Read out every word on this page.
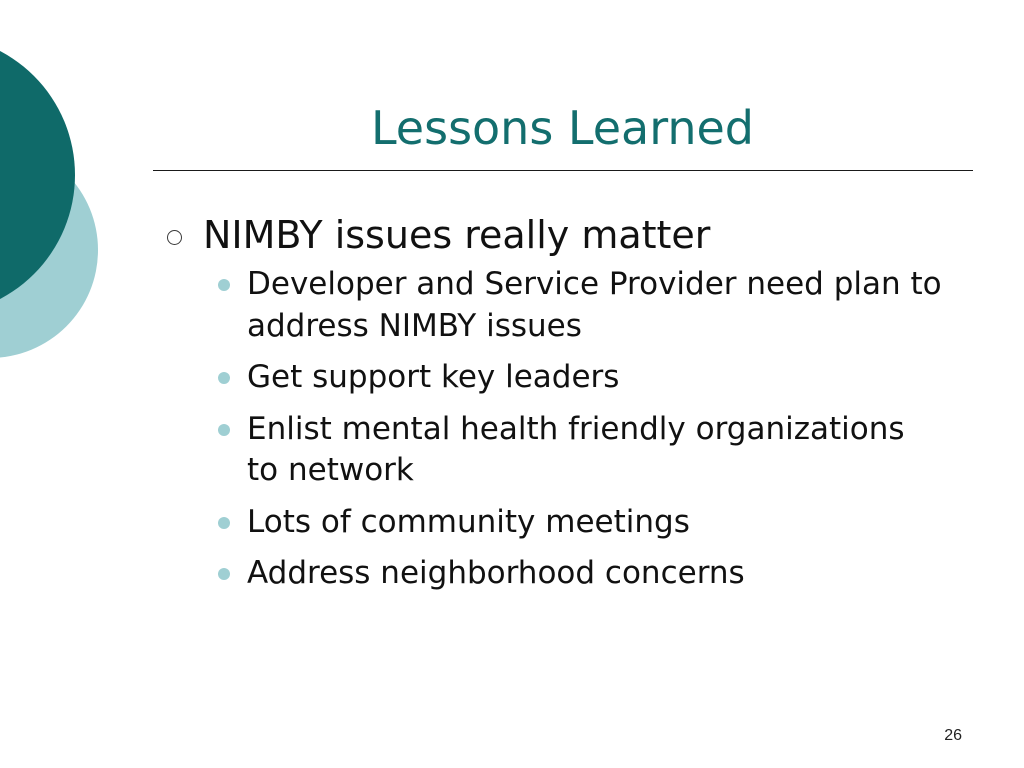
Lessons Learned
NIMBY issues really matter
Developer and Service Provider need plan to address NIMBY issues
Get support key leaders
Enlist mental health friendly organizations to network
Lots of community meetings
Address neighborhood concerns
26
